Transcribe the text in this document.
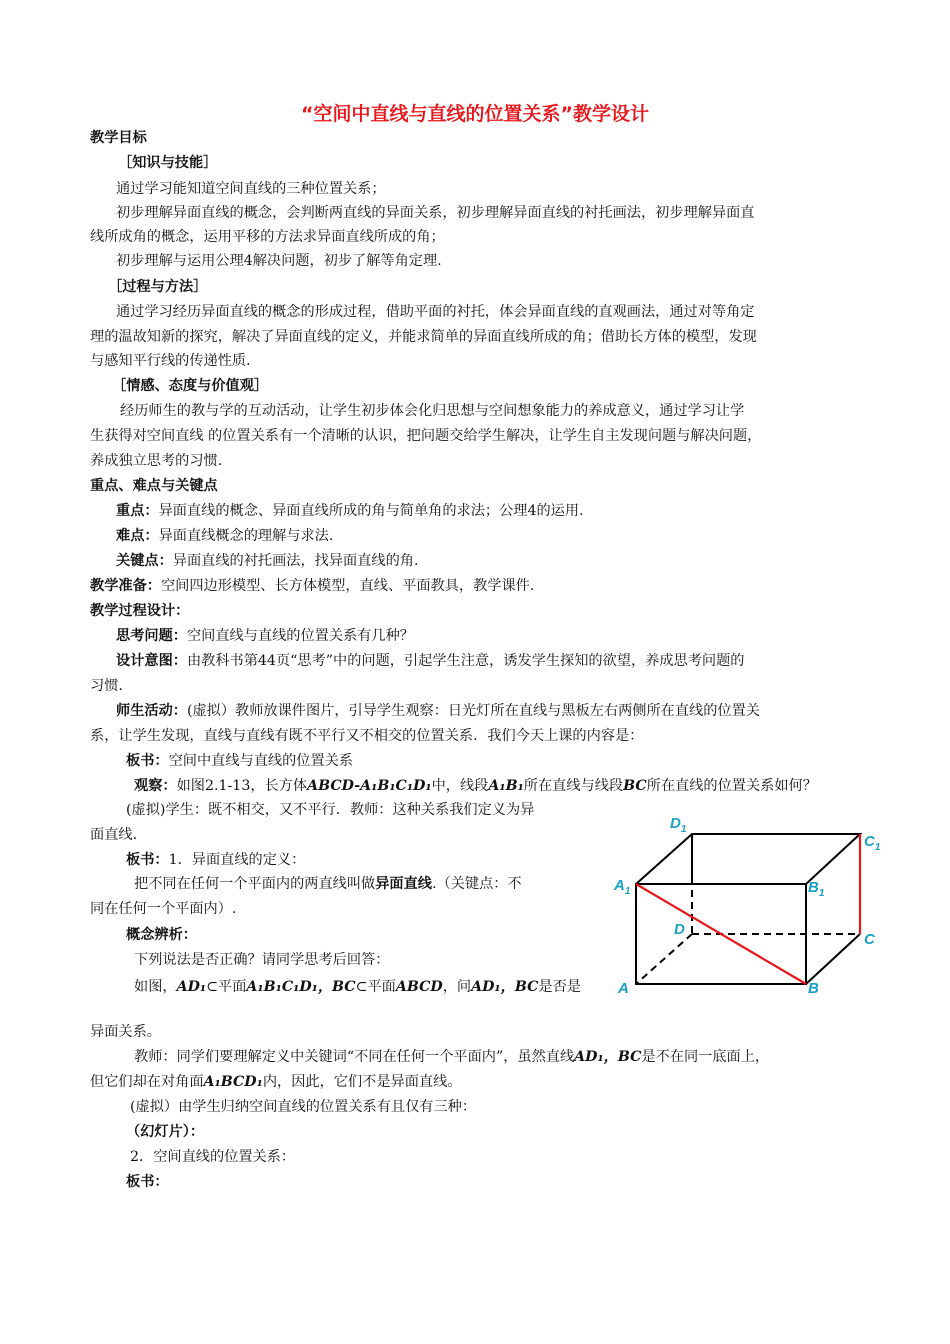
“空间中直线与直线的位置关系”教学设计
教学目标
［知识与技能］
通过学习能知道空间直线的三种位置关系；
初步理解异面直线的概念，会判断两直线的异面关系，初步理解异面直线的衬托画法，初步理解异面直
线所成角的概念，运用平移的方法求异面直线所成的角；
初步理解与运用公理4解决问题，初步了解等角定理.
［过程与方法］
通过学习经历异面直线的概念的形成过程，借助平面的衬托，体会异面直线的直观画法，通过对等角定
理的温故知新的探究，解决了异面直线的定义，并能求简单的异面直线所成的角；借助长方体的模型，发现
与感知平行线的传递性质．
［情感、态度与价值观］
经历师生的教与学的互动活动，让学生初步体会化归思想与空间想象能力的养成意义，通过学习让学
生获得对空间直线 的位置关系有一个清晰的认识，把问题交给学生解决，让学生自主发现问题与解决问题，
养成独立思考的习惯.
重点、难点与关键点
重点：异面直线的概念、异面直线所成的角与简单角的求法；公理4的运用.
难点：异面直线概念的理解与求法.
关键点：异面直线的衬托画法，找异面直线的角.
教学准备：空间四边形模型、长方体模型，直线、平面教具，教学课件.
教学过程设计：
思考问题：空间直线与直线的位置关系有几种？
设计意图：由教科书第44页“思考”中的问题，引起学生注意，诱发学生探知的欲望，养成思考问题的
习惯.
师生活动：(虚拟）教师放课件图片，引导学生观察：日光灯所在直线与黑板左右两侧所在直线的位置关
系，让学生发现，直线与直线有既不平行又不相交的位置关系．我们今天上课的内容是：
板书：空间中直线与直线的位置关系
观察：如图2.1-13，长方体ABCD-A₁B₁C₁D₁中，线段A₁B₁所在直线与线段BC所在直线的位置关系如何？
(虚拟)学生：既不相交，又不平行．教师：这种关系我们定义为异
面直线.
板书：1．异面直线的定义：
把不同在任何一个平面内的两直线叫做异面直线.（关键点：不
同在任何一个平面内）.
概念辨析：
下列说法是否正确？请同学思考后回答：
如图，AD₁⊂平面A₁B₁C₁D₁，BC⊂平面ABCD，问AD₁，BC是否是
异面关系。
教师：同学们要理解定义中关键词“不同在任何一个平面内”，虽然直线AD₁，BC是不在同一底面上，
但它们却在对角面A₁BCD₁内，因此，它们不是异面直线。
(虚拟）由学生归纳空间直线的位置关系有且仅有三种：
（幻灯片）：
2．空间直线的位置关系：
板书：
$D_1$
$C_1$
$A_1$	$B_1$
D
C
A	B
